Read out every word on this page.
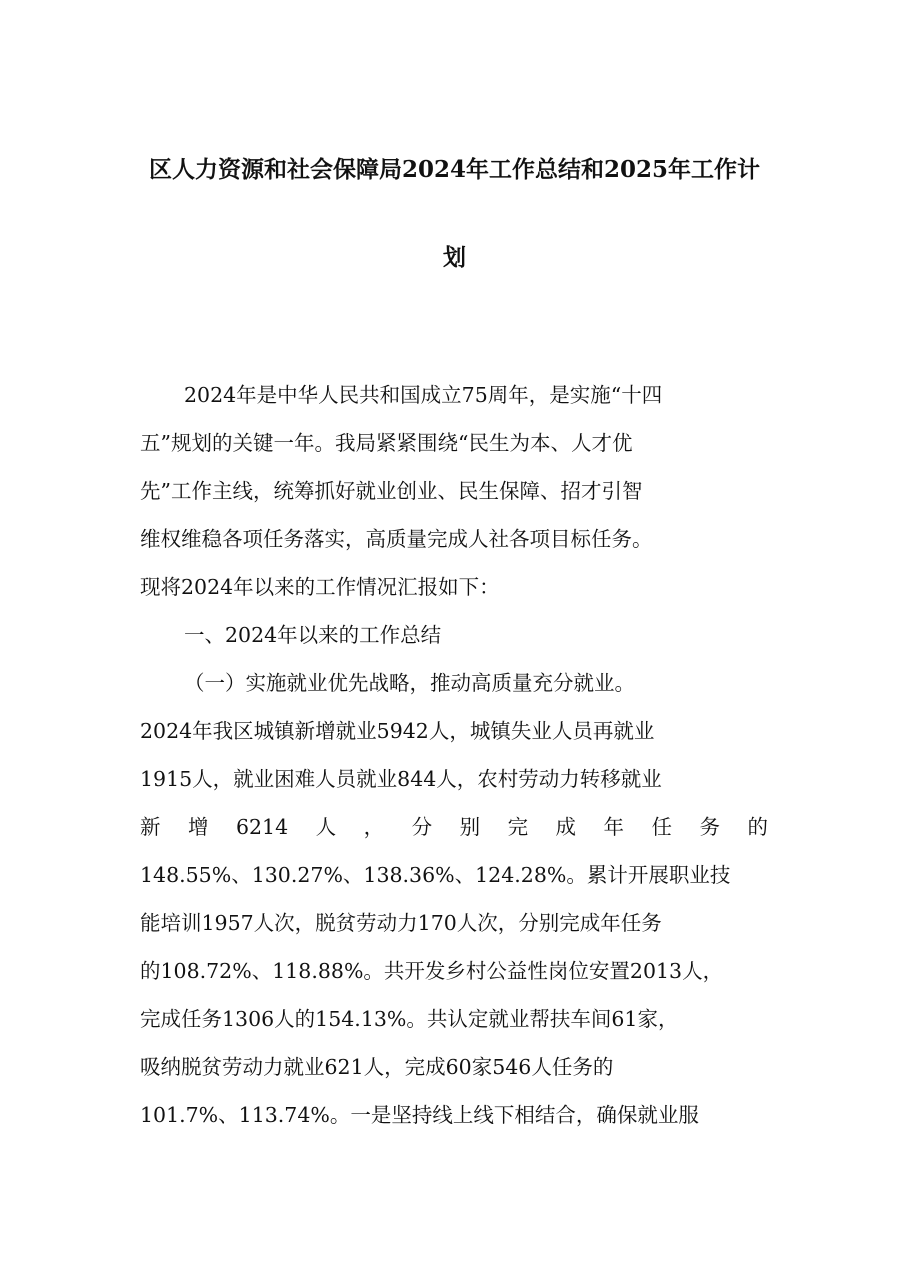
区人力资源和社会保障局2024年工作总结和2025年工作计
划
2024年是中华人民共和国成立75周年，是实施“十四
五”规划的关键一年。我局紧紧围绕“民生为本、人才优
先”工作主线，统筹抓好就业创业、民生保障、招才引智
维权维稳各项任务落实，高质量完成人社各项目标任务。
现将2024年以来的工作情况汇报如下：
一、2024年以来的工作总结
（一）实施就业优先战略，推动高质量充分就业。
2024年我区城镇新增就业5942人，城镇失业人员再就业
1915人，就业困难人员就业844人，农村劳动力转移就业
新 增 6214 人 ， 分 别 完 成 年 任 务 的
148.55%、130.27%、138.36%、124.28%。累计开展职业技
能培训1957人次，脱贫劳动力170人次，分别完成年任务
的108.72%、118.88%。共开发乡村公益性岗位安置2013人，
完成任务1306人的154.13%。共认定就业帮扶车间61家，
吸纳脱贫劳动力就业621人，完成60家546人任务的
101.7%、113.74%。一是坚持线上线下相结合，确保就业服
